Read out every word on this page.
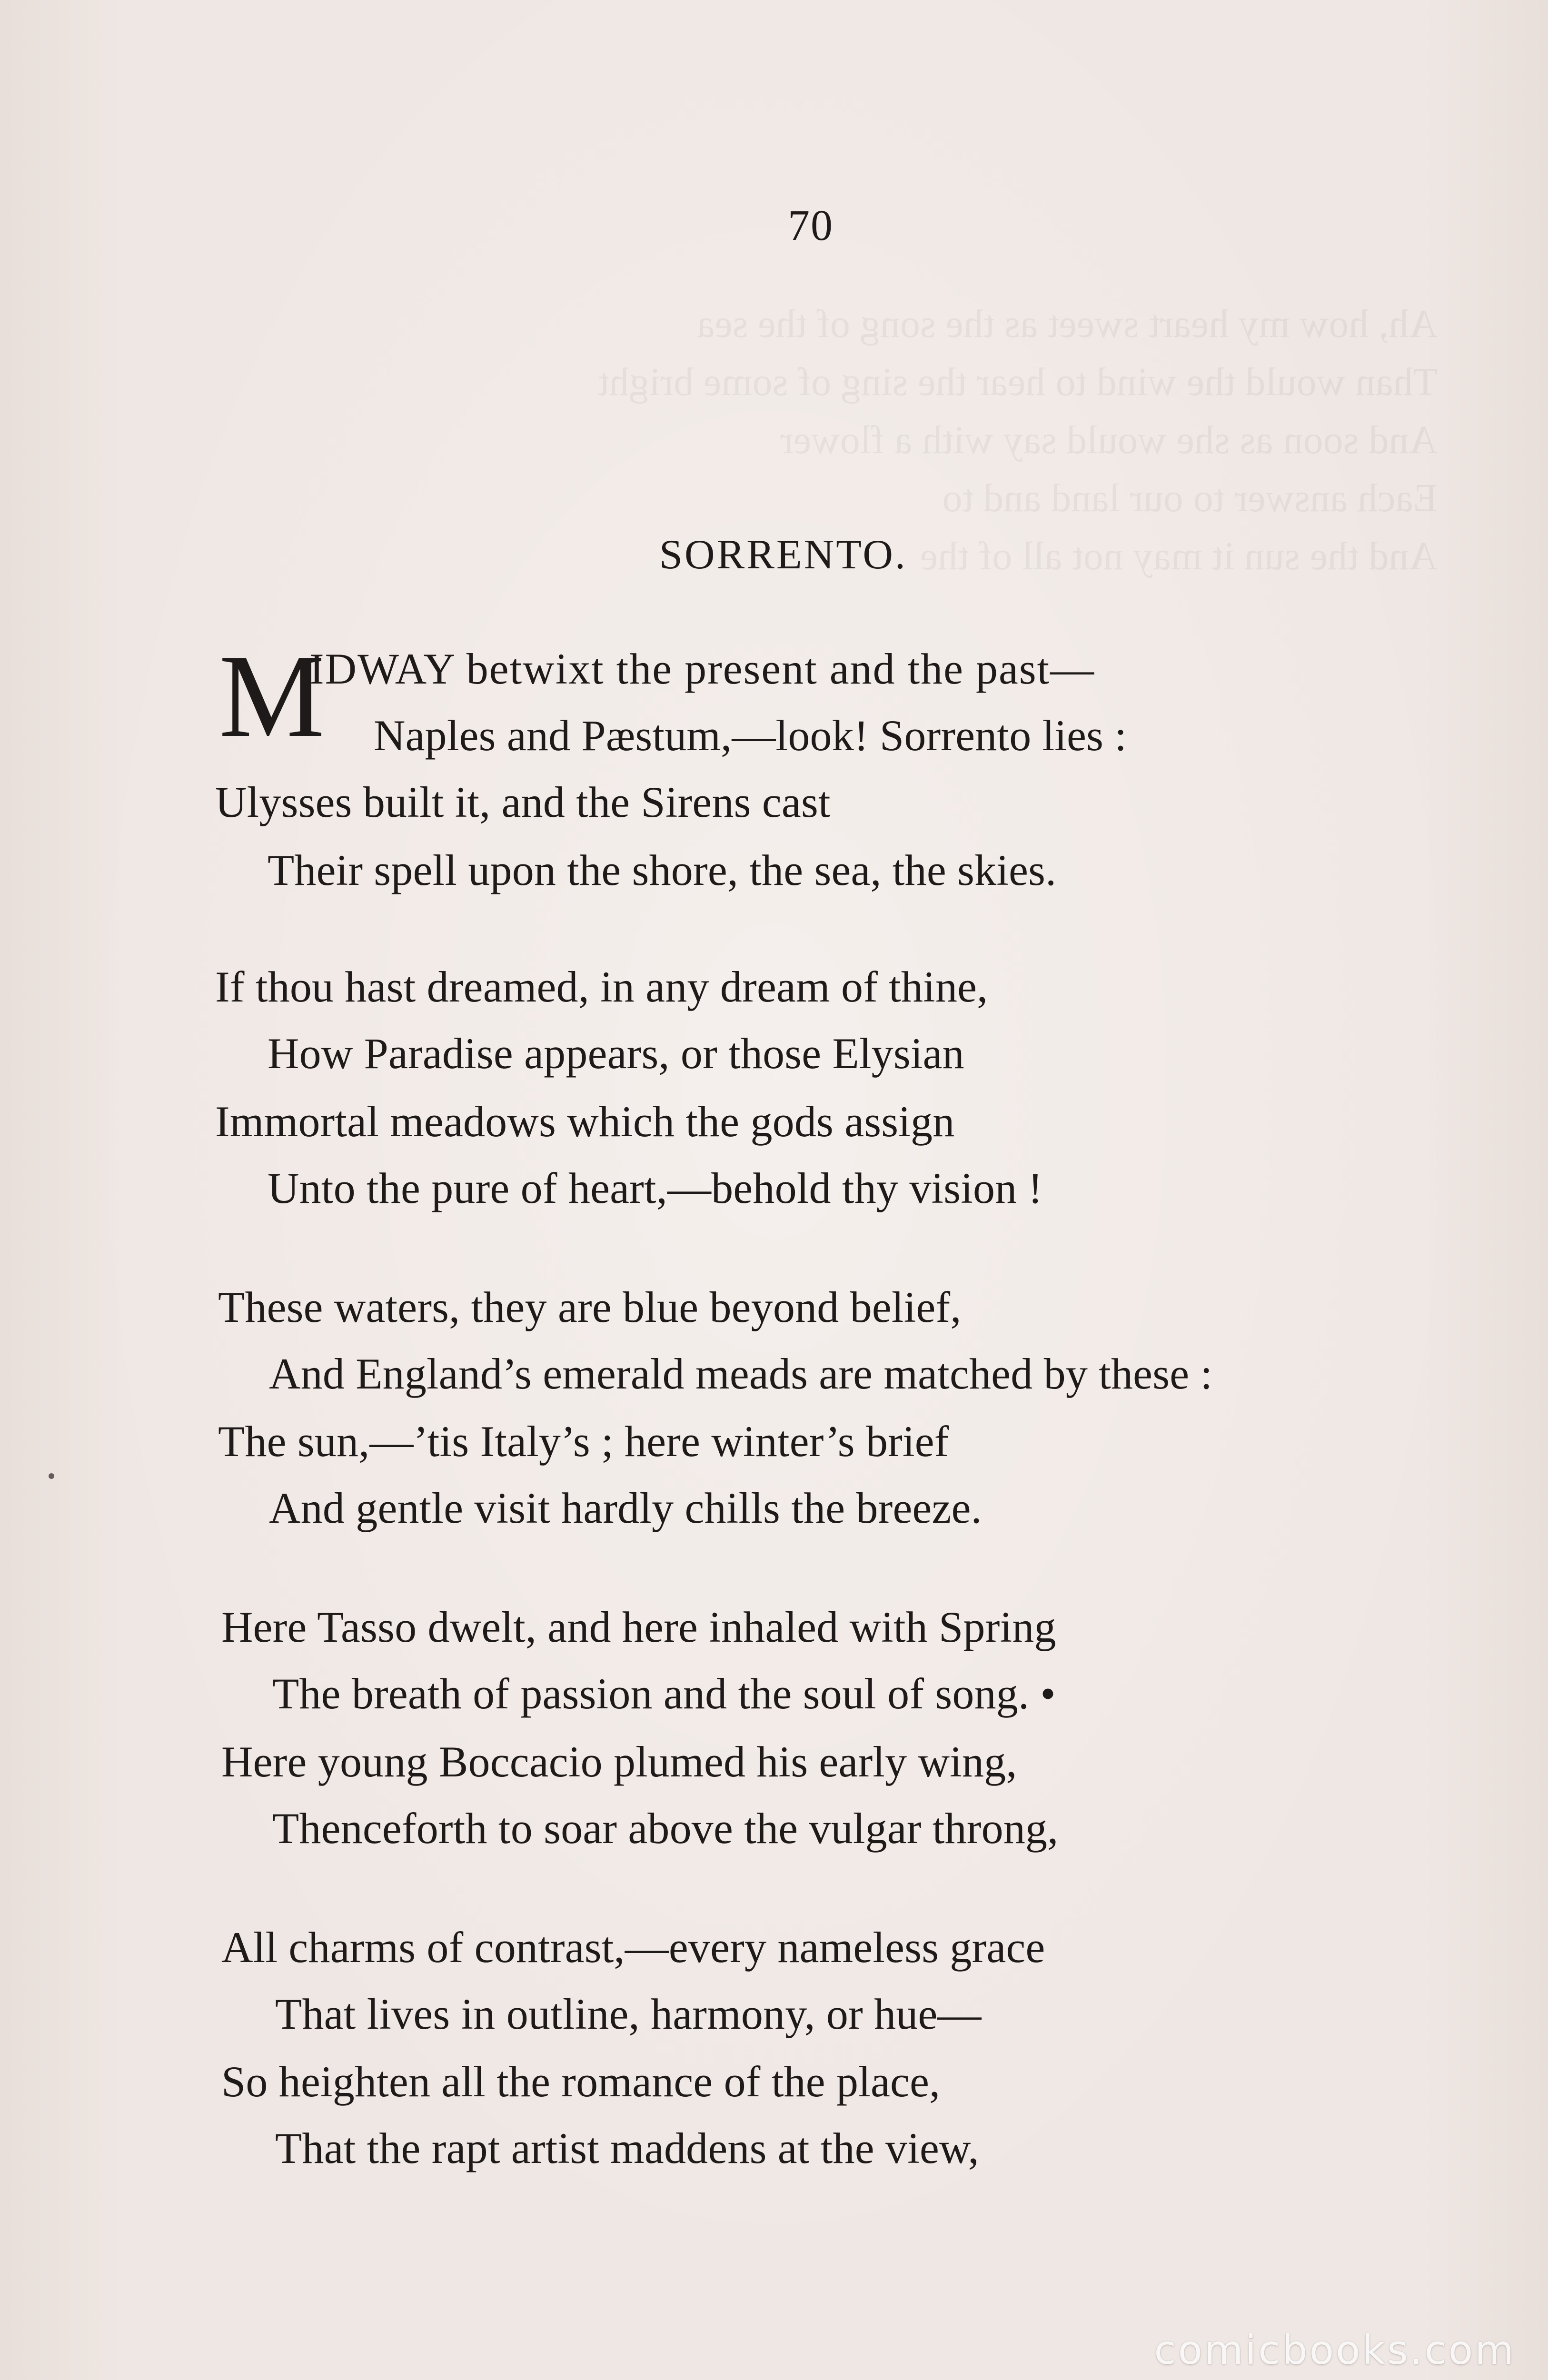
Ah, how my heart sweet as the song of the sea
Than would the wind to hear the sing of some bright
And soon as she would say with a flower
Each answer to our land and to
And the sun it may not all of the
70
SORRENTO.
M
IDWAY betwixt the present and the past—
Naples and Pæstum,—look! Sorrento lies :
Ulysses built it, and the Sirens cast
Their spell upon the shore, the sea, the skies.
If thou hast dreamed, in any dream of thine,
How Paradise appears, or those Elysian
Immortal meadows which the gods assign
Unto the pure of heart,—behold thy vision !
These waters, they are blue beyond belief,
And England’s emerald meads are matched by these :
The sun,—’tis Italy’s ; here winter’s brief
And gentle visit hardly chills the breeze.
Here Tasso dwelt, and here inhaled with Spring
The breath of passion and the soul of song. •
Here young Boccacio plumed his early wing,
Thenceforth to soar above the vulgar throng,
All charms of contrast,—every nameless grace
That lives in outline, harmony, or hue—
So heighten all the romance of the place,
That the rapt artist maddens at the view,
comicbooks.com
